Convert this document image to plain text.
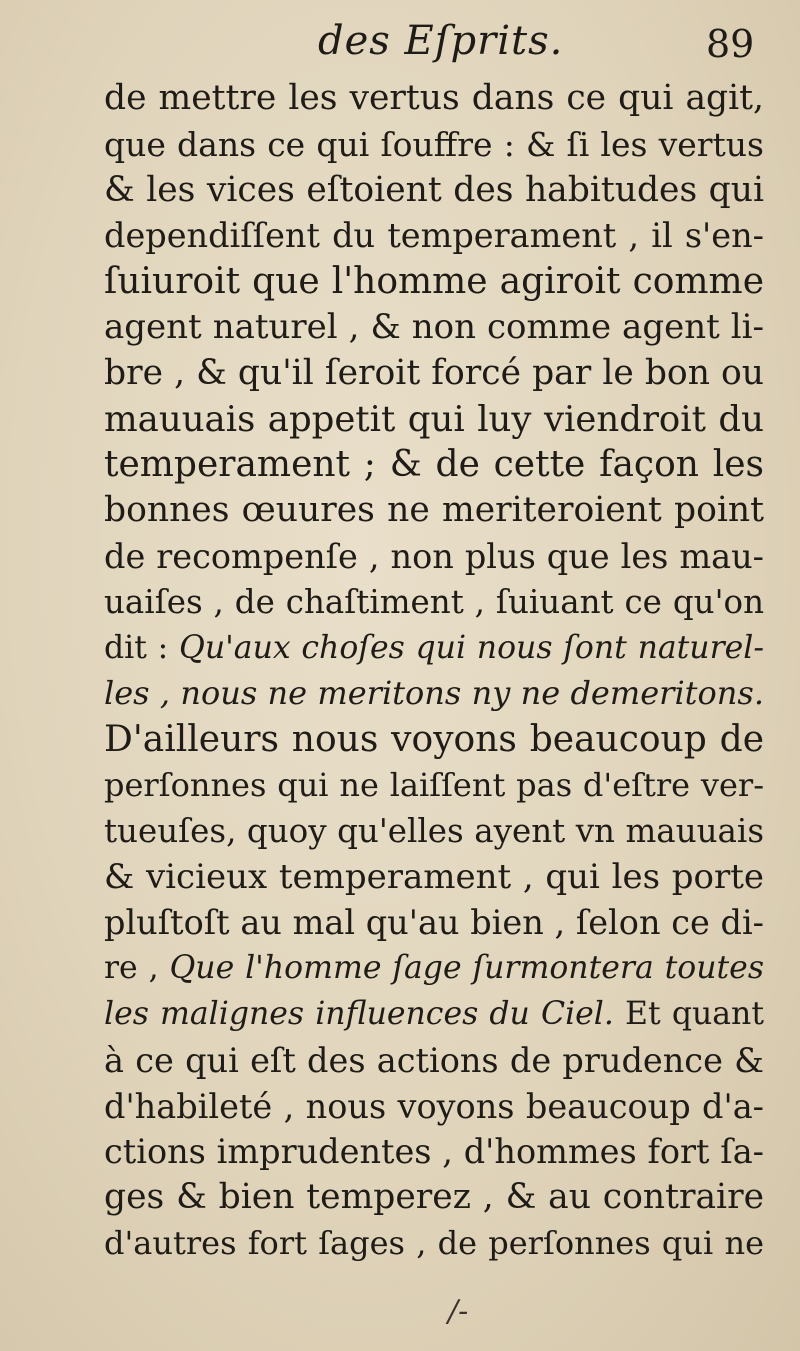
des Eſprits.	89
de mettre les vertus dans ce qui agit,
que dans ce qui ſouffre : & ſi les vertus
& les vices eſtoient des habitudes qui
dependiſſent du temperament , il s'en-
ſuiuroit que l'homme agiroit comme
agent naturel , & non comme agent li-
bre , & qu'il ſeroit forcé par le bon ou
mauuais appetit qui luy viendroit du
temperament ; & de cette façon les
bonnes œuures ne meriteroient point
de recompenſe , non plus que les mau-
uaiſes , de chaſtiment , ſuiuant ce qu'on
dit : Qu'aux choſes qui nous ſont naturel-
les , nous ne meritons ny ne demeritons.
D'ailleurs nous voyons beaucoup de
perſonnes qui ne laiſſent pas d'eſtre ver-
tueuſes, quoy qu'elles ayent vn mauuais
& vicieux temperament , qui les porte
pluſtoſt au mal qu'au bien , ſelon ce di-
re , Que l'homme ſage ſurmontera toutes
les malignes influences du Ciel. Et quant
à ce qui eſt des actions de prudence &
d'habileté , nous voyons beaucoup d'a-
ctions imprudentes , d'hommes fort ſa-
ges & bien temperez , & au contraire
d'autres fort ſages , de perſonnes qui ne
/-
